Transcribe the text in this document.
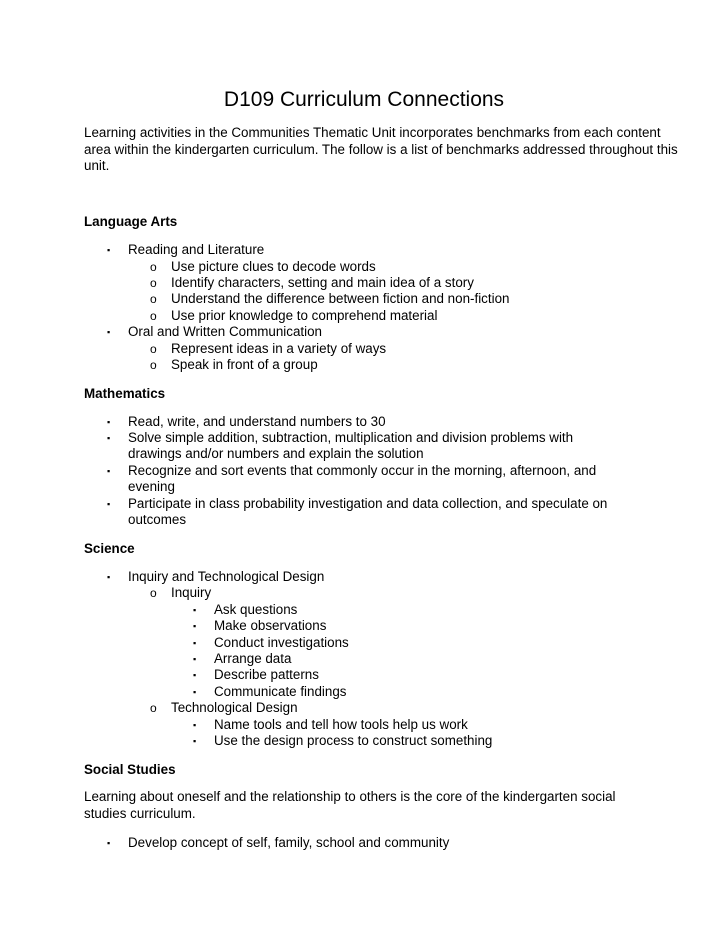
D109 Curriculum Connections
Learning activities in the Communities Thematic Unit incorporates benchmarks from each content area within the kindergarten curriculum. The follow is a list of benchmarks addressed throughout this unit.
Language Arts
▪ Reading and Literature
o Use picture clues to decode words
o Identify characters, setting and main idea of a story
o Understand the difference between fiction and non-fiction
o Use prior knowledge to comprehend material
▪ Oral and Written Communication
o Represent ideas in a variety of ways
o Speak in front of a group
Mathematics
▪ Read, write, and understand numbers to 30
▪ Solve simple addition, subtraction, multiplication and division problems with
drawings and/or numbers and explain the solution
▪ Recognize and sort events that commonly occur in the morning, afternoon, and
evening
▪ Participate in class probability investigation and data collection, and speculate on
outcomes
Science
▪ Inquiry and Technological Design
o Inquiry
▪ Ask questions
▪ Make observations
▪ Conduct investigations
▪ Arrange data
▪ Describe patterns
▪ Communicate findings
o Technological Design
▪ Name tools and tell how tools help us work
▪ Use the design process to construct something
Social Studies
Learning about oneself and the relationship to others is the core of the kindergarten social studies curriculum.
▪ Develop concept of self, family, school and community
